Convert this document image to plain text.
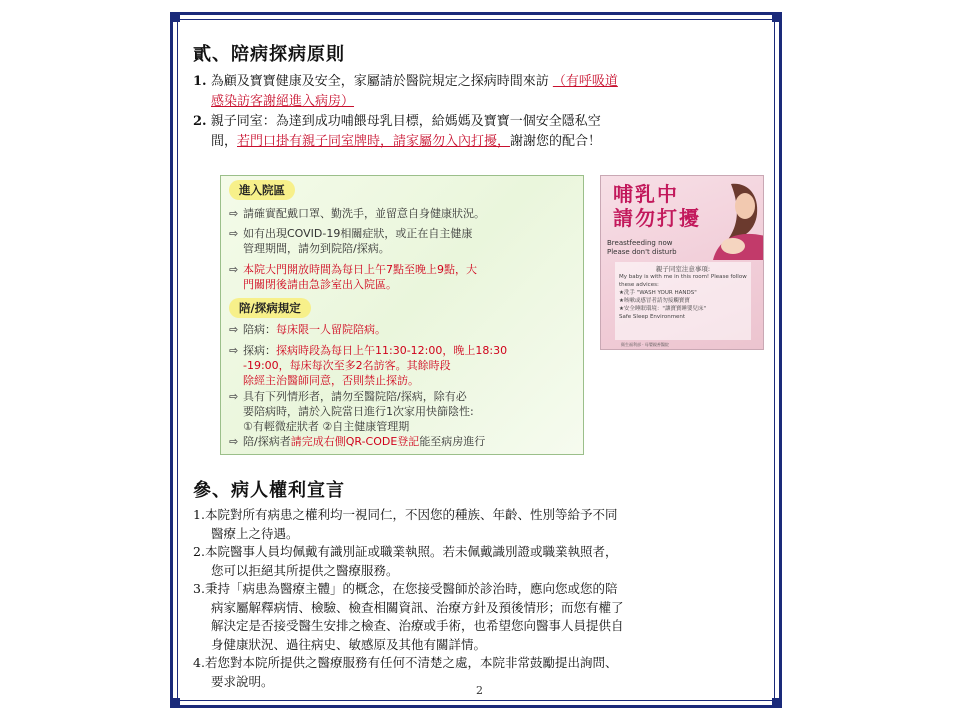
貳、陪病探病原則

1. 為顧及寶寶健康及安全，家屬請於醫院規定之探病時間來訪 （有呼吸道

感染訪客謝絕進入病房）

2. 親子同室：為達到成功哺餵母乳目標，給媽媽及寶寶一個安全隱私空

間，若門口掛有親子同室牌時，請家屬勿入內打擾，謝謝您的配合！

進入院區
⇨ 請確實配戴口罩、勤洗手，並留意自身健康狀況。
⇨ 如有出現COVID-19相關症狀，或正在自主健康
管理期間，請勿到院陪/探病。
⇨ 本院大門開放時間為每日上午7點至晚上9點，大
門關閉後請由急診室出入院區。
陪/探病規定
⇨ 陪病：每床限一人留院陪病。
⇨ 探病：探病時段為每日上午11:30-12:00，晚上18:30
-19:00，每床每次至多2名訪客。其餘時段
除經主治醫師同意，否則禁止探訪。
⇨ 具有下列情形者，請勿至醫院陪/探病，除有必
要陪病時，請於入院當日進行1次家用快篩陰性:
①有輕微症狀者 ②自主健康管理期
⇨ 陪/探病者請完成右側QR-CODE登記能至病房進行
哺乳中
請勿打擾
Breastfeeding now
Please don't disturb
親子同室注意事項:
My baby is with me in this room! Please follow these advices:
★洗手 "WASH YOUR HANDS"
★咳嗽或感冒者請勿接觸寶寶
★安全睡眠環境："讓寶寶睡嬰兒床"
Safe Sleep Environment
衛生福利部 · 母嬰親善醫院
參、病人權利宣言
1.本院對所有病患之權利均一視同仁，不因您的種族、年齡、性別等給予不同
醫療上之待遇。
2.本院醫事人員均佩戴有識別証或職業執照。若未佩戴識別證或職業執照者，
您可以拒絕其所提供之醫療服務。
3.秉持「病患為醫療主體」的概念，在您接受醫師於診治時，應向您或您的陪
病家屬解釋病情、檢驗、檢查相關資訊、治療方針及預後情形；而您有權了
解決定是否接受醫生安排之檢查、治療或手術，也希望您向醫事人員提供自
身健康狀況、過往病史、敏感原及其他有關詳情。
4.若您對本院所提供之醫療服務有任何不清楚之處，本院非常鼓勵提出詢問、
要求說明。
2
